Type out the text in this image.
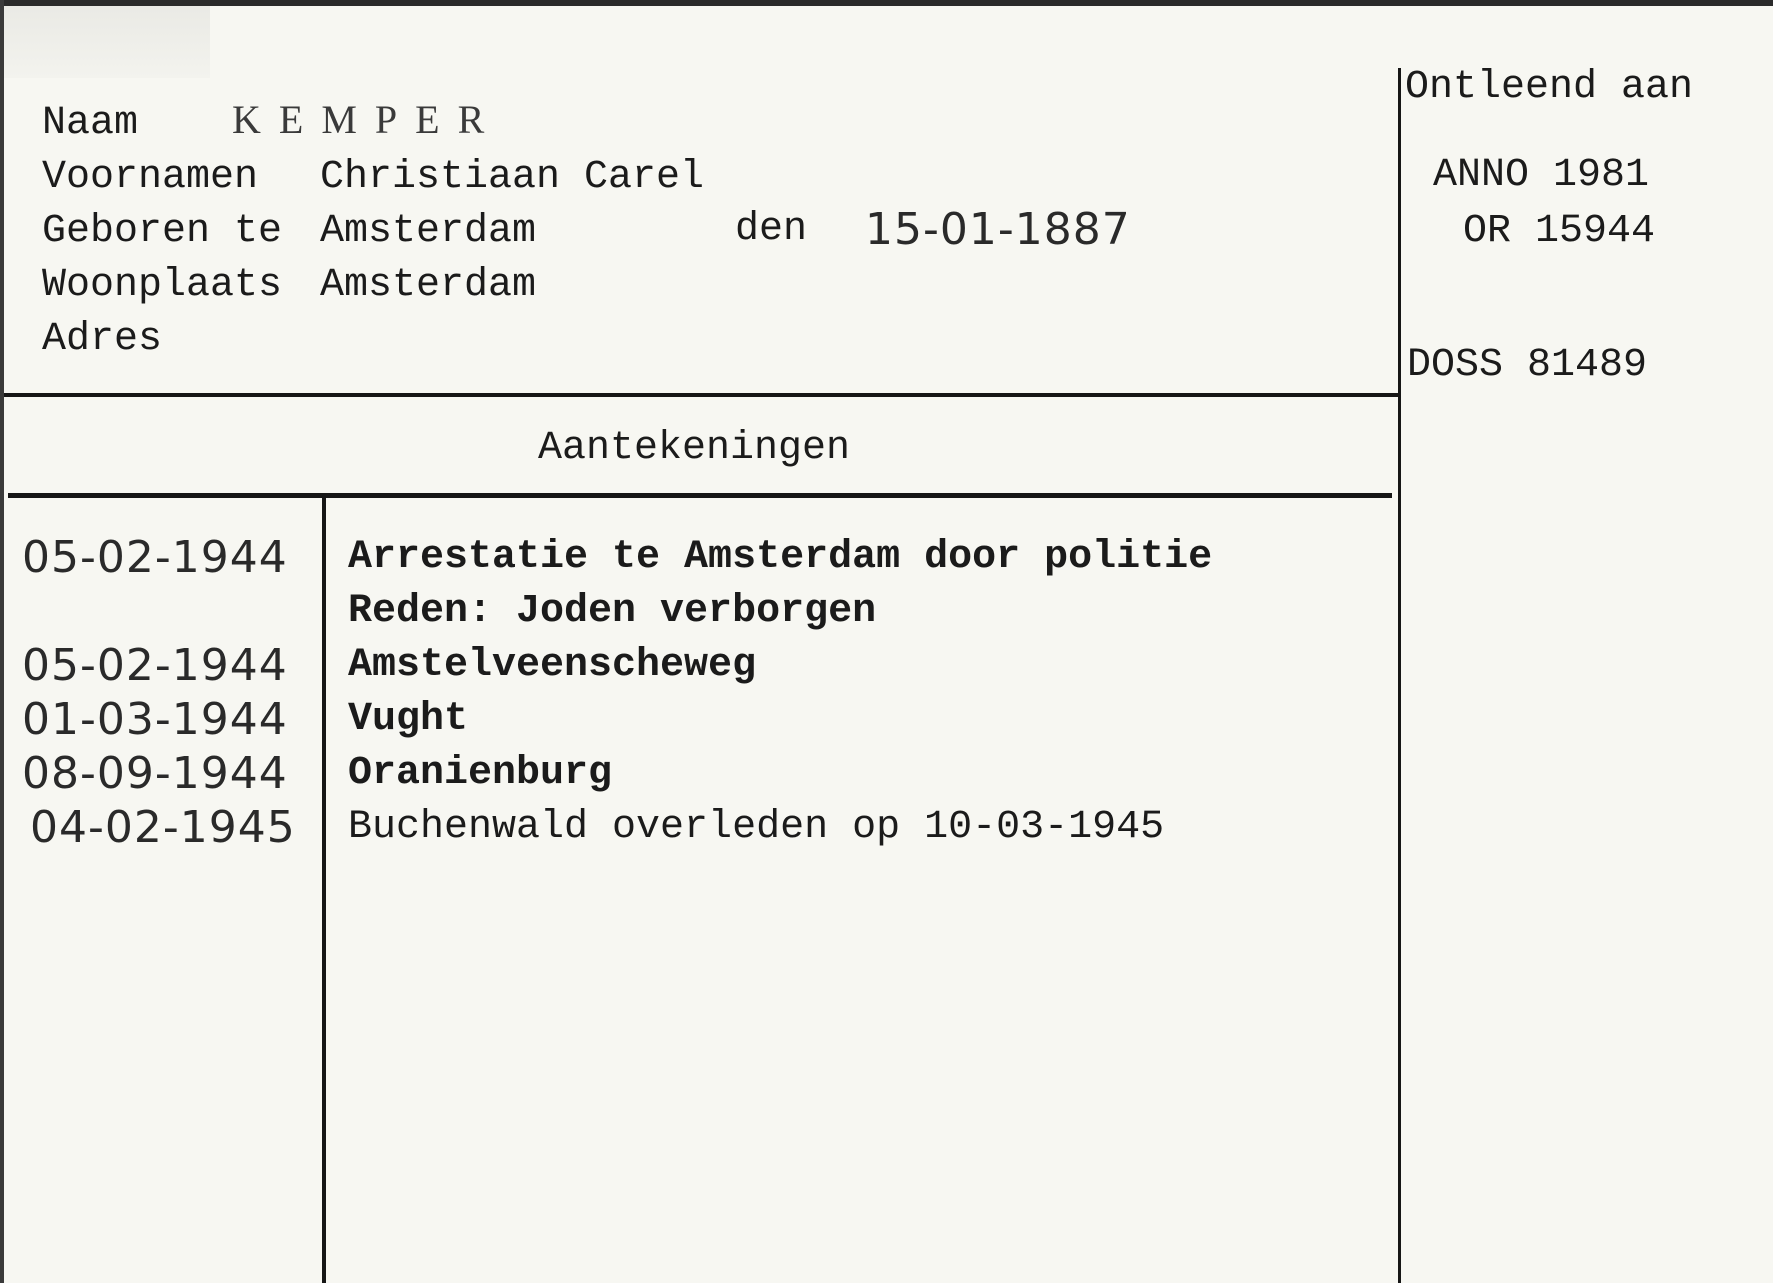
Naam KEMPER
Voornamen Christiaan Carel
Geboren te Amsterdam	den 15-01-1887
Woonplaats Amsterdam
Adres
Ontleend aan
ANNO 1981
OR 15944
DOSS 81489
Aantekeningen
05-02-1944 Arrestatie te Amsterdam door politie
Reden: Joden verborgen
05-02-1944 Amstelveenscheweg
01-03-1944 Vught
08-09-1944 Oranienburg
04-02-1945 Buchenwald overleden op 10-03-1945
